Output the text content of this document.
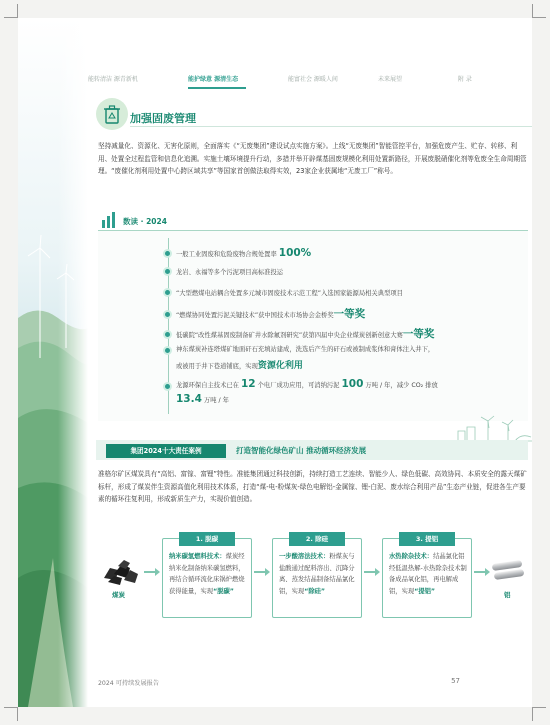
能转清洁 源青新机	能护绿意 源清生态	能富社会 源暖人间	未来展望	附 录
加强固废管理

坚持减量化、资源化、无害化原则，全面落实《“无废集团”建设试点实施方案》。上线“无废集团”智能管控平台，加强危废产生、贮存、转移、利用、处置全过程监管和信息化追溯。实施土壤环境提升行动，多措并举开辟煤基固废规模化利用处置新路径，开展废脱硝催化剂等危废全生命周期管理。“废催化剂利用处置中心跨区域共享”等国家首创做法取得实效，23家企业获属地“无废工厂”称号。

数读 · 2024
一般工业固废和危险废物合规处置率 100%
龙岩、永福等多个污泥项目高标准投运
“大型燃煤电站耦合处置多元城市固废技术示范工程”入选国家能源局相关典型项目
“燃煤协同处置污泥关键技术”获中国技术市场协会金桥奖一等奖
低碳院“改性煤基固废制备矿井水除氟剂研究”获第四届中央企业煤炭创新创意大赛一等奖
神东煤炭补连塔煤矿地面矸石充填站建成，洗选后产生的矸石或被制成浆体和膏体注入井下，
或被用于井下巷道铺底，实现资源化利用
龙源环保自主技术已在 12 个电厂成功应用，可消纳污泥 100 万吨 / 年，减少 CO₂ 排放
13.4 万吨 / 年
集团2024十大责任案例	打造智能化绿色矿山 推动循环经济发展

准格尔矿区煤炭具有“高铝、富镓、富锂”特性。准能集团通过科技创新，持续打造工艺连续、智能少人、绿色低碳、高效协同、本质安全的露天煤矿标杆，形成了煤炭伴生资源高值化利用技术体系，打造“煤-电-粉煤灰-绿色电解铝-金属镓、锂-白泥、废水综合利用产品”生态产业链，促进各生产要素的循环往复利用，形成新质生产力，实现价值创造。

煤炭

纳米碳氢燃料技术：煤炭经纳米化制备纳米碳氢燃料，再结合循环流化床锅炉燃烧获得能量，实现“脱碳”

1. 脱碳

一步酸溶法技术：粉煤灰与盐酸通过配料溶出、沉降分离、蒸发结晶制备结晶氯化铝，实现“除硅”

2. 除硅

水热除杂技术：结晶氯化铝经低温热解-水热除杂技术制备成品氧化铝，再电解成铝，实现“提铝”

3. 提铝
铝
2024 可持续发展报告	57
